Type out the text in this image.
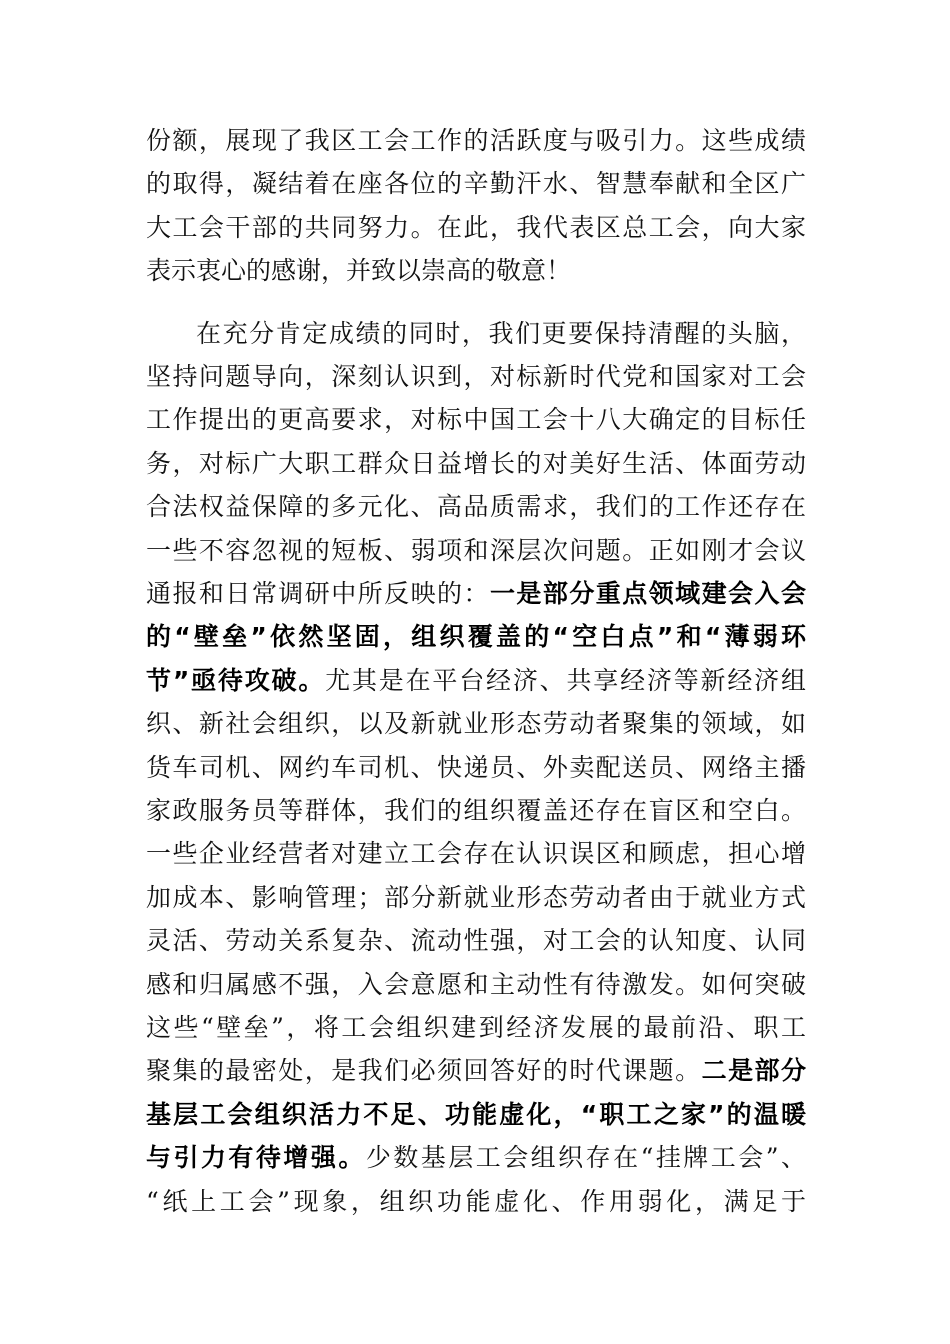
份额，展现了我区工会工作的活跃度与吸引力。这些成绩
的取得，凝结着在座各位的辛勤汗水、智慧奉献和全区广
大工会干部的共同努力。在此，我代表区总工会，向大家
表示衷心的感谢，并致以崇高的敬意！
在充分肯定成绩的同时，我们更要保持清醒的头脑，
坚持问题导向，深刻认识到，对标新时代党和国家对工会
工作提出的更高要求，对标中国工会十八大确定的目标任
务，对标广大职工群众日益增长的对美好生活、体面劳动
合法权益保障的多元化、高品质需求，我们的工作还存在
一些不容忽视的短板、弱项和深层次问题。正如刚才会议
通报和日常调研中所反映的：一是部分重点领域建会入会
的“壁垒”依然坚固，组织覆盖的“空白点”和“薄弱环
节”亟待攻破。尤其是在平台经济、共享经济等新经济组
织、新社会组织，以及新就业形态劳动者聚集的领域，如
货车司机、网约车司机、快递员、外卖配送员、网络主播
家政服务员等群体，我们的组织覆盖还存在盲区和空白。
一些企业经营者对建立工会存在认识误区和顾虑，担心增
加成本、影响管理；部分新就业形态劳动者由于就业方式
灵活、劳动关系复杂、流动性强，对工会的认知度、认同
感和归属感不强，入会意愿和主动性有待激发。如何突破
这些“壁垒”，将工会组织建到经济发展的最前沿、职工
聚集的最密处，是我们必须回答好的时代课题。二是部分
基层工会组织活力不足、功能虚化，“职工之家”的温暖
与引力有待增强。少数基层工会组织存在“挂牌工会”、
“纸上工会”现象，组织功能虚化、作用弱化，满足于
